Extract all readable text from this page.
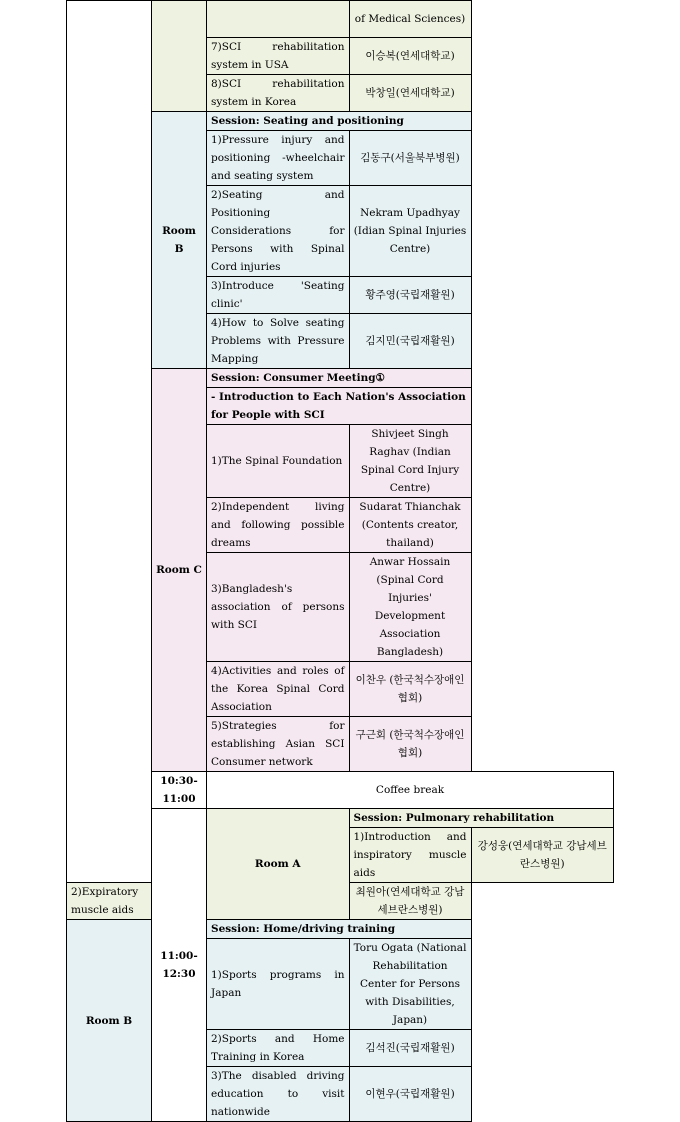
			of Medical Sciences)	
		7)SCI rehabilitation system in USA	이승복(연세대학교)	
		8)SCI rehabilitation system in Korea	박창일(연세대학교)	
	Room B	Session: Seating and positioning		
		1)Pressure injury and positioning -wheelchair and seating system	김동구(서울북부병원)	
		2)Seating and Positioning Considerations for Persons with Spinal Cord injuries	Nekram Upadhyay (Idian Spinal Injuries Centre)	
		3)Introduce 'Seating clinic'	황주영(국립재활원)	
		4)How to Solve seating Problems with Pressure Mapping	김지민(국립재활원)	
	Room C	Session: Consumer Meeting①		
		- Introduction to Each Nation's Association for People with SCI		
		1)The Spinal Foundation	Shivjeet Singh Raghav (Indian Spinal Cord Injury Centre)	
		2)Independent living and following possible dreams	Sudarat Thianchak (Contents creator, thailand)	
		3)Bangladesh's association of persons with SCI	Anwar Hossain (Spinal Cord Injuries' Development Association Bangladesh)	
		4)Activities and roles of the Korea Spinal Cord Association	이찬우 (한국척수장애인협회)	
		5)Strategies for establishing Asian SCI Consumer network	구근회 (한국척수장애인협회)	
	10:30-11:00	Coffee break		
	11:00-12:30	Room A	Session: Pulmonary rehabilitation	
			1)Introduction and inspiratory muscle aids	강성웅(연세대학교 강남세브란스병원)
2)Expiratory muscle aids			최원아(연세대학교 강남세브란스병원)	
Room B		Session: Home/driving training		
		1)Sports programs in Japan	Toru Ogata (National Rehabilitation Center for Persons with Disabilities, Japan)	
		2)Sports and Home Training in Korea	김석진(국립재활원)	
		3)The disabled driving education to visit nationwide	이현우(국립재활원)	
